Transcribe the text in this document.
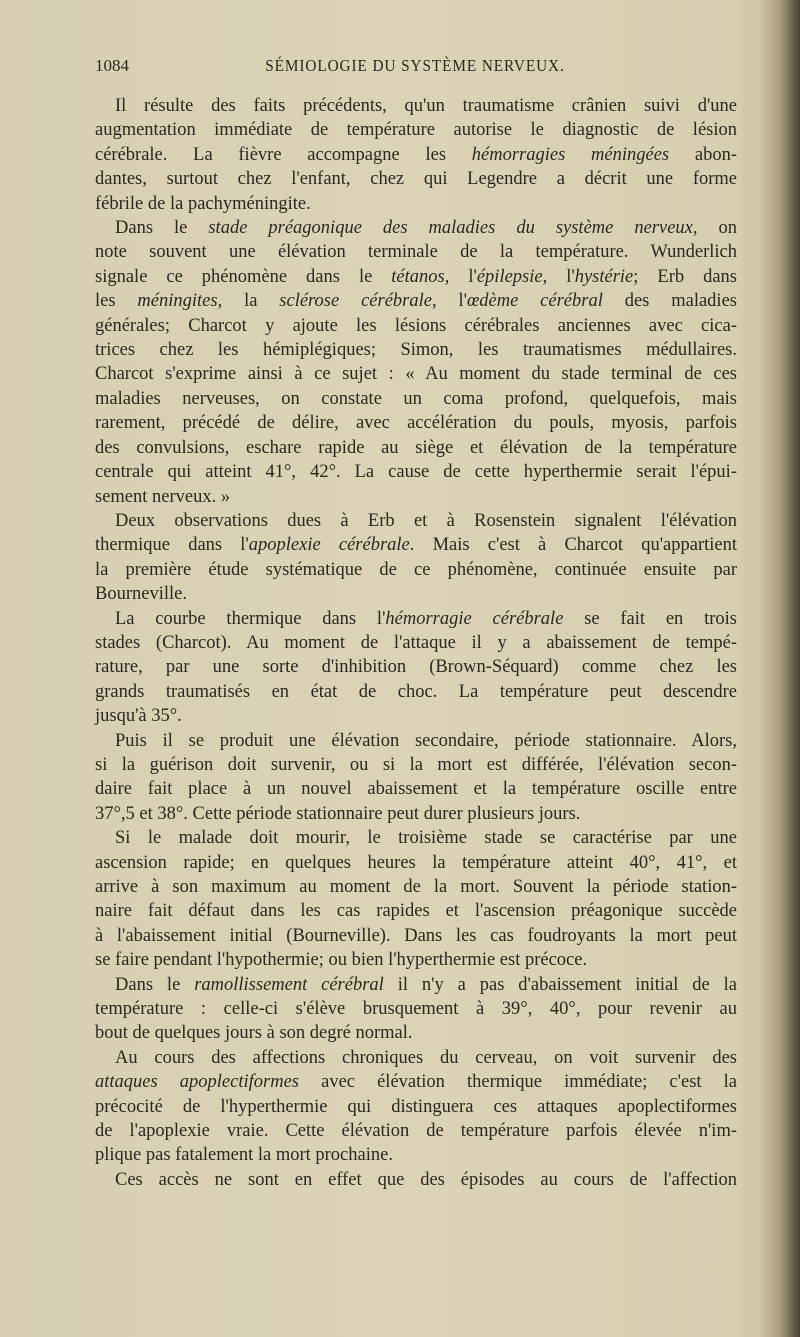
1084	SÉMIOLOGIE DU SYSTÈME NERVEUX.
Il résulte des faits précédents, qu'un traumatisme crânien suivi d'une
augmentation immédiate de température autorise le diagnostic de lésion
cérébrale. La fièvre accompagne les hémorragies méningées abon-
dantes, surtout chez l'enfant, chez qui Legendre a décrit une forme
fébrile de la pachyméningite.
Dans le stade préagonique des maladies du système nerveux, on
note souvent une élévation terminale de la température. Wunderlich
signale ce phénomène dans le tétanos, l'épilepsie, l'hystérie; Erb dans
les méningites, la sclérose cérébrale, l'œdème cérébral des maladies
générales; Charcot y ajoute les lésions cérébrales anciennes avec cica-
trices chez les hémiplégiques; Simon, les traumatismes médullaires.
Charcot s'exprime ainsi à ce sujet : « Au moment du stade terminal de ces
maladies nerveuses, on constate un coma profond, quelquefois, mais
rarement, précédé de délire, avec accélération du pouls, myosis, parfois
des convulsions, eschare rapide au siège et élévation de la température
centrale qui atteint 41°, 42°. La cause de cette hyperthermie serait l'épui-
sement nerveux. »
Deux observations dues à Erb et à Rosenstein signalent l'élévation
thermique dans l'apoplexie cérébrale. Mais c'est à Charcot qu'appartient
la première étude systématique de ce phénomène, continuée ensuite par
Bourneville.
La courbe thermique dans l'hémorragie cérébrale se fait en trois
stades (Charcot). Au moment de l'attaque il y a abaissement de tempé-
rature, par une sorte d'inhibition (Brown-Séquard) comme chez les
grands traumatisés en état de choc. La température peut descendre
jusqu'à 35°.
Puis il se produit une élévation secondaire, période stationnaire. Alors,
si la guérison doit survenir, ou si la mort est différée, l'élévation secon-
daire fait place à un nouvel abaissement et la température oscille entre
37°,5 et 38°. Cette période stationnaire peut durer plusieurs jours.
Si le malade doit mourir, le troisième stade se caractérise par une
ascension rapide; en quelques heures la température atteint 40°, 41°, et
arrive à son maximum au moment de la mort. Souvent la période station-
naire fait défaut dans les cas rapides et l'ascension préagonique succède
à l'abaissement initial (Bourneville). Dans les cas foudroyants la mort peut
se faire pendant l'hypothermie; ou bien l'hyperthermie est précoce.
Dans le ramollissement cérébral il n'y a pas d'abaissement initial de la
température : celle-ci s'élève brusquement à 39°, 40°, pour revenir au
bout de quelques jours à son degré normal.
Au cours des affections chroniques du cerveau, on voit survenir des
attaques apoplectiformes avec élévation thermique immédiate; c'est la
précocité de l'hyperthermie qui distinguera ces attaques apoplectiformes
de l'apoplexie vraie. Cette élévation de température parfois élevée n'im-
plique pas fatalement la mort prochaine.
Ces accès ne sont en effet que des épisodes au cours de l'affection
